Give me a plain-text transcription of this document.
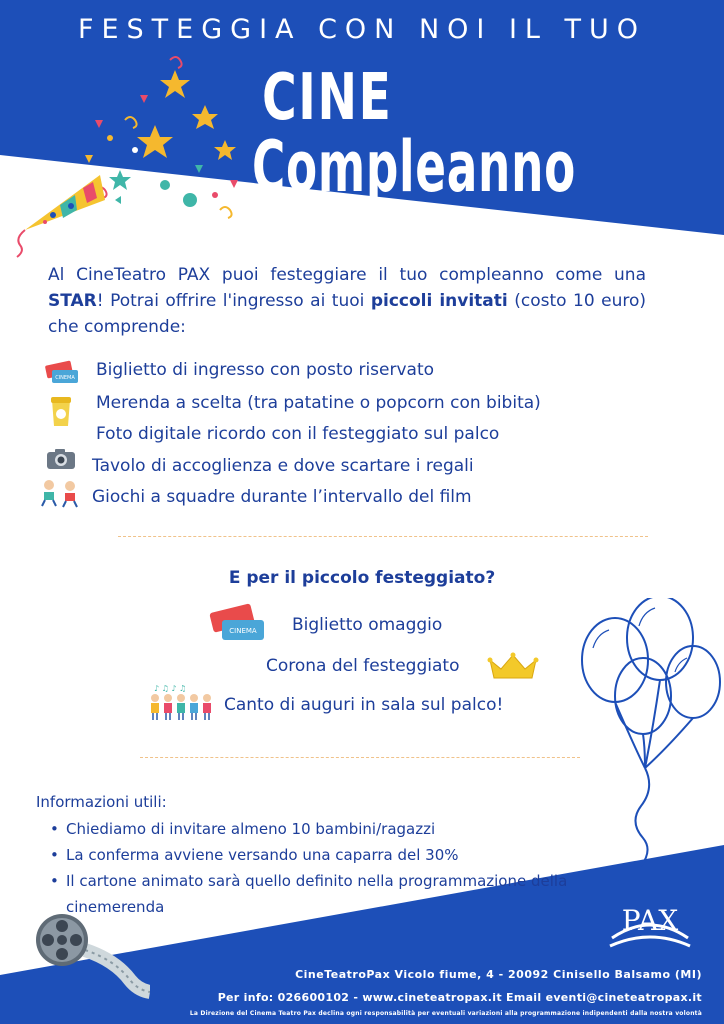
FESTEGGIA CON NOI IL TUO
CINE
Compleanno
Al CineTeatro PAX puoi festeggiare il tuo compleanno come una STAR! Potrai offrire l'ingresso ai tuoi piccoli invitati (costo 10 euro) che comprende:
CINEMA Biglietto di ingresso con posto riservato
Merenda a scelta (tra patatine o popcorn con bibita)
Foto digitale ricordo con il festeggiato sul palco
Tavolo di accoglienza e dove scartare i regali
Giochi a squadre durante l’intervallo del film
E per il piccolo festeggiato?
CINEMA Biglietto omaggio
Corona del festeggiato
♪ ♫ ♪ ♫
Canto di auguri in sala sul palco!
Informazioni utili:
• Chiediamo di invitare almeno 10 bambini/ragazzi
• La conferma avviene versando una caparra del 30%
• Il cartone animato sarà quello definito nella programmazione della cinemerenda	PAX
CineTeatroPax Vicolo fiume, 4 - 20092 Cinisello Balsamo (MI)
Per info: 026600102 - www.cineteatropax.it Email eventi@cineteatropax.it
La Direzione del Cinema Teatro Pax declina ogni responsabilità per eventuali variazioni alla programmazione indipendenti dalla nostra volontà
